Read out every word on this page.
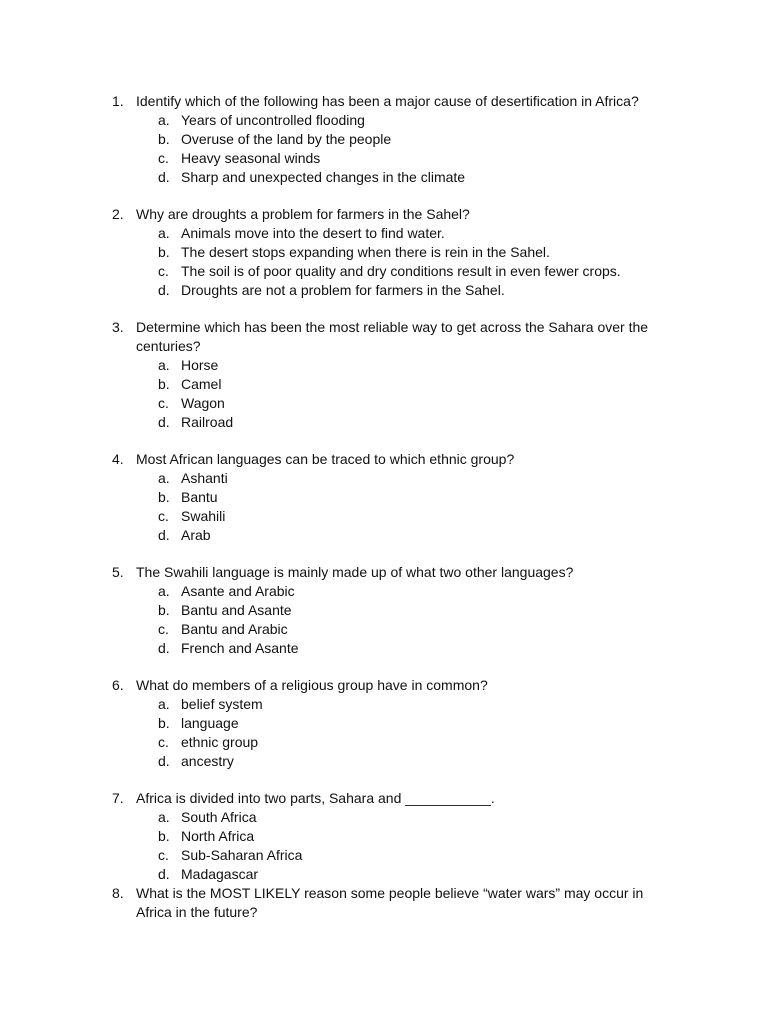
1. Identify which of the following has been a major cause of desertification in Africa?
a. Years of uncontrolled flooding
b. Overuse of the land by the people
c. Heavy seasonal winds
d. Sharp and unexpected changes in the climate
2. Why are droughts a problem for farmers in the Sahel?
a. Animals move into the desert to find water.
b. The desert stops expanding when there is rein in the Sahel.
c. The soil is of poor quality and dry conditions result in even fewer crops.
d. Droughts are not a problem for farmers in the Sahel.
3. Determine which has been the most reliable way to get across the Sahara over the centuries?
a. Horse
b. Camel
c. Wagon
d. Railroad
4. Most African languages can be traced to which ethnic group?
a. Ashanti
b. Bantu
c. Swahili
d. Arab
5. The Swahili language is mainly made up of what two other languages?
a. Asante and Arabic
b. Bantu and Asante
c. Bantu and Arabic
d. French and Asante
6. What do members of a religious group have in common?
a. belief system
b. language
c. ethnic group
d. ancestry
7. Africa is divided into two parts, Sahara and ___________.
a. South Africa
b. North Africa
c. Sub-Saharan Africa
d. Madagascar
8. What is the MOST LIKELY reason some people believe “water wars” may occur in Africa in the future?
